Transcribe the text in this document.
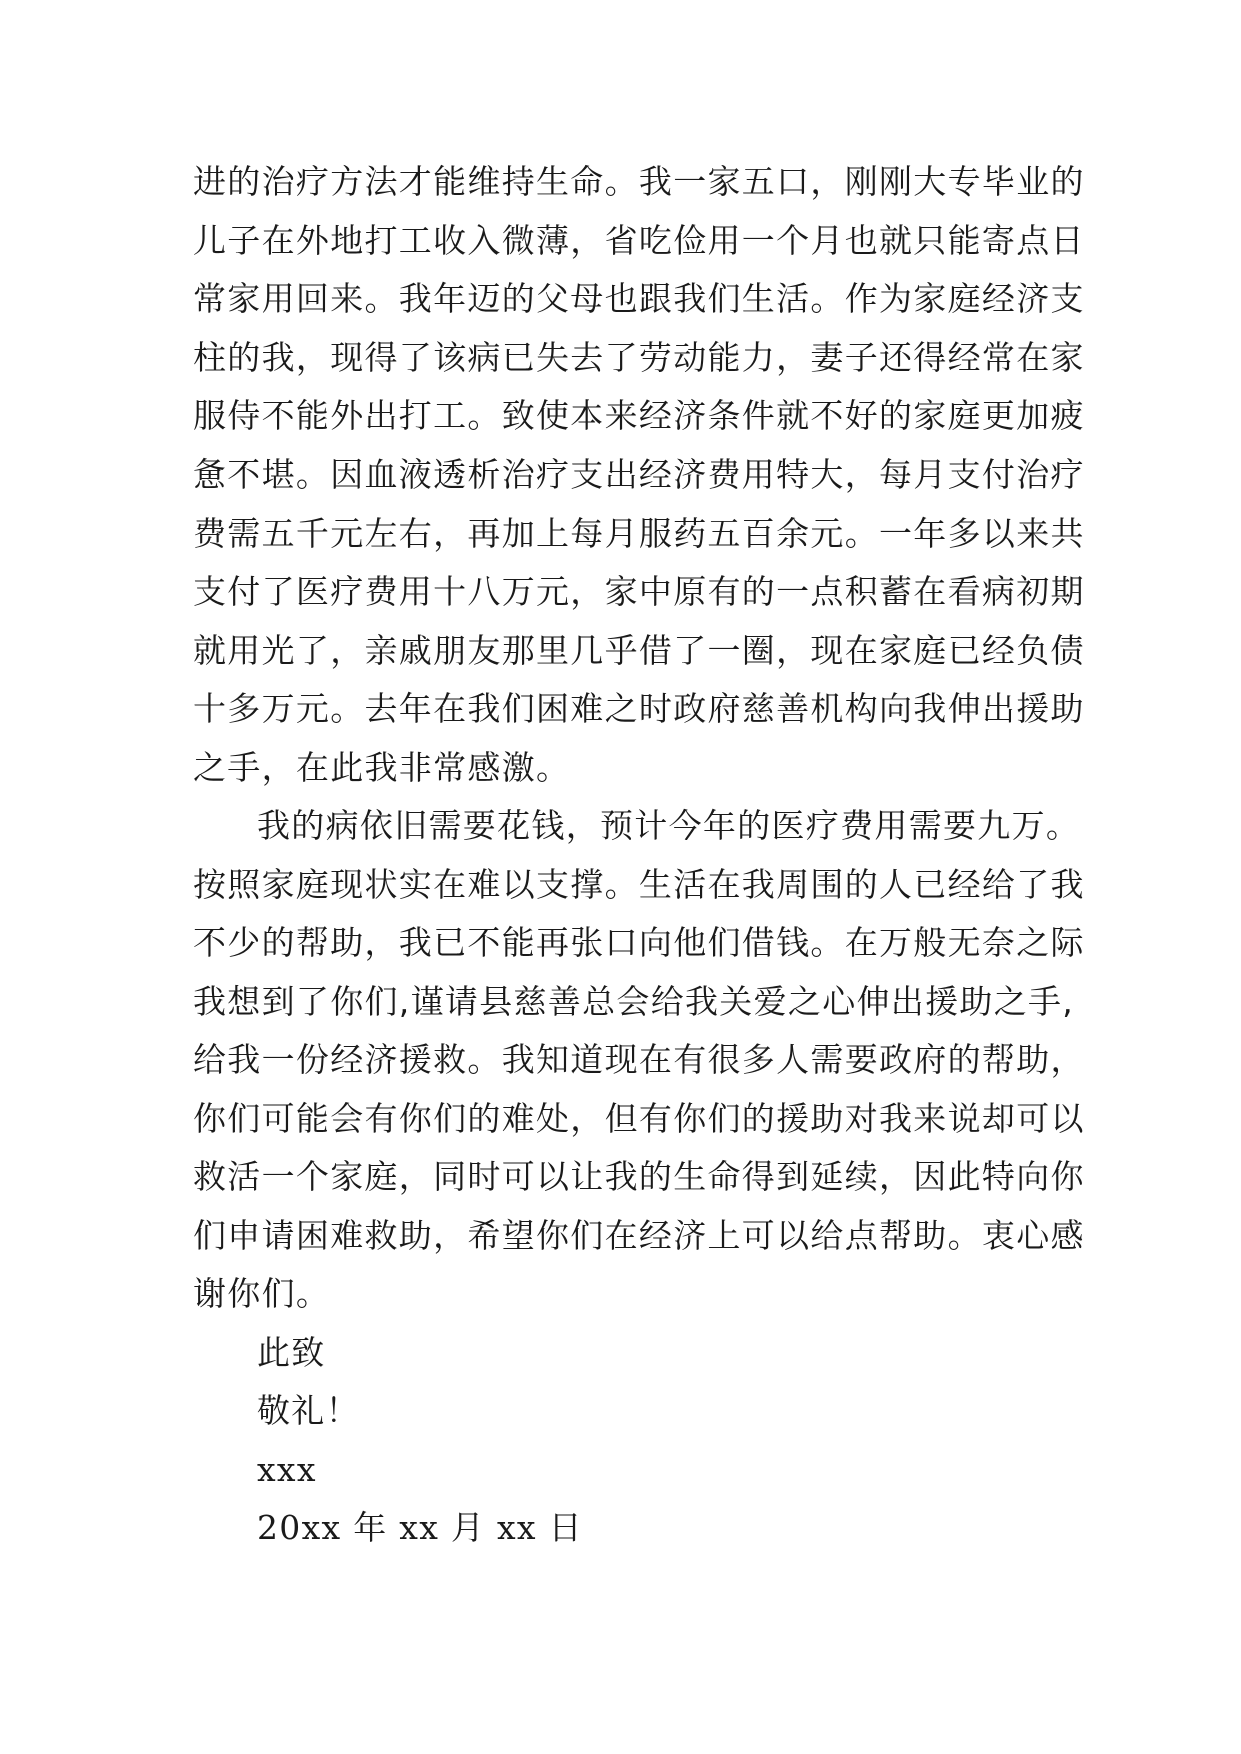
进的治疗方法才能维持生命。我一家五口，刚刚大专毕业的
儿子在外地打工收入微薄，省吃俭用一个月也就只能寄点日
常家用回来。我年迈的父母也跟我们生活。作为家庭经济支
柱的我，现得了该病已失去了劳动能力，妻子还得经常在家
服侍不能外出打工。致使本来经济条件就不好的家庭更加疲
惫不堪。因血液透析治疗支出经济费用特大，每月支付治疗
费需五千元左右，再加上每月服药五百余元。一年多以来共
支付了医疗费用十八万元，家中原有的一点积蓄在看病初期
就用光了，亲戚朋友那里几乎借了一圈，现在家庭已经负债
十多万元。去年在我们困难之时政府慈善机构向我伸出援助
之手，在此我非常感激。
我的病依旧需要花钱，预计今年的医疗费用需要九万。
按照家庭现状实在难以支撑。生活在我周围的人已经给了我
不少的帮助，我已不能再张口向他们借钱。在万般无奈之际
我想到了你们,谨请县慈善总会给我关爱之心伸出援助之手,
给我一份经济援救。我知道现在有很多人需要政府的帮助，
你们可能会有你们的难处，但有你们的援助对我来说却可以
救活一个家庭，同时可以让我的生命得到延续，因此特向你
们申请困难救助，希望你们在经济上可以给点帮助。衷心感
谢你们。
此致
敬礼！
xxx
20xx 年 xx 月 xx 日
